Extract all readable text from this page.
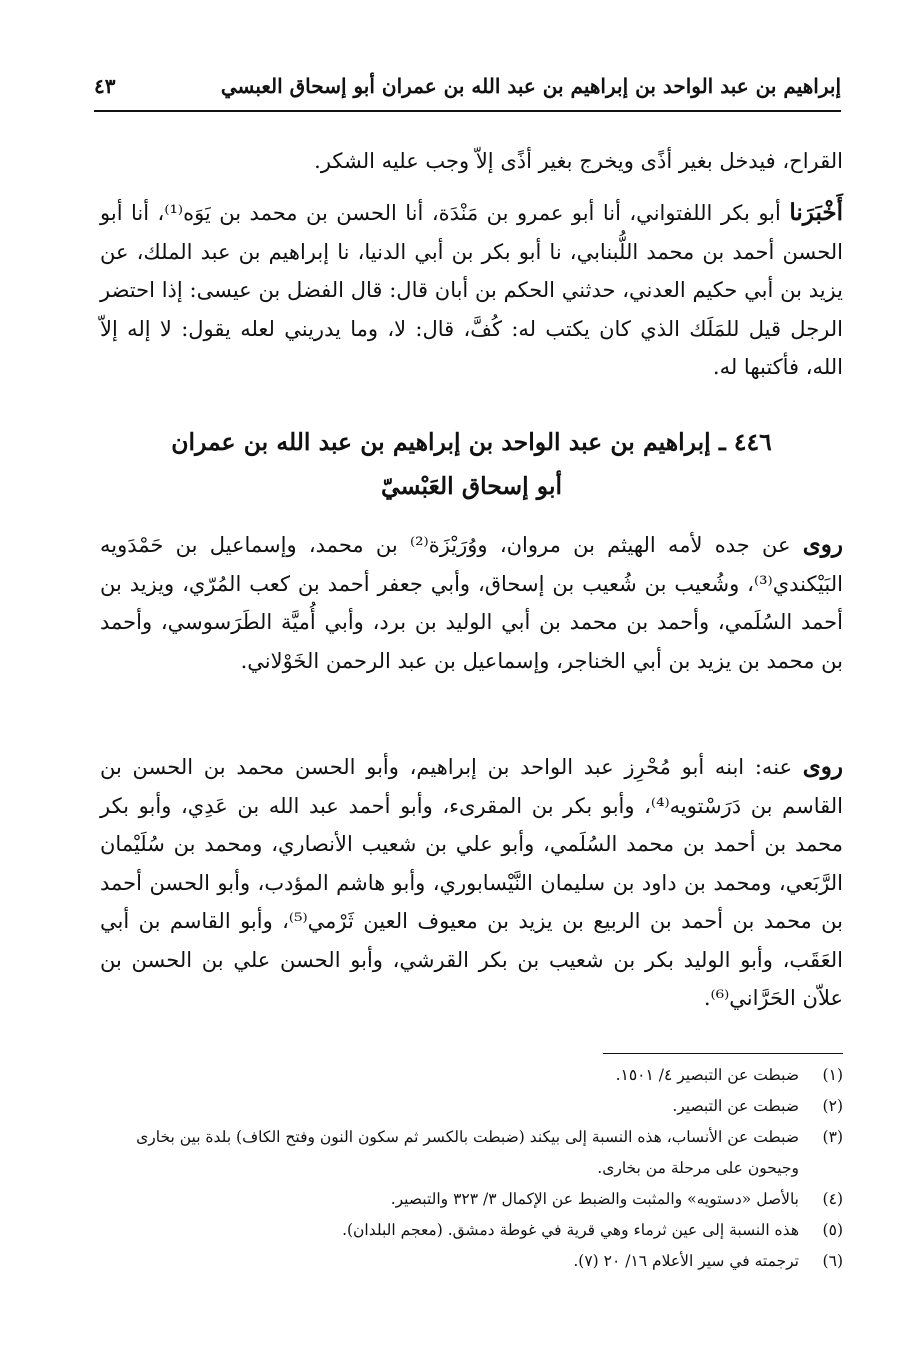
إبراهيم بن عبد الواحد بن إبراهيم بن عبد الله بن عمران أبو إسحاق العبسي
٤٣
القراح، فيدخل بغير أذًى ويخرج بغير أذًى إلاّ وجب عليه الشكر.
أَخْبَرَنا أبو بكر اللفتواني، أنا أبو عمرو بن مَنْدَة، أنا الحسن بن محمد بن يَوَه⁽¹⁾، أنا أبو الحسن أحمد بن محمد اللُّبنابي، نا أبو بكر بن أبي الدنيا، نا إبراهيم بن عبد الملك، عن يزيد بن أبي حكيم العدني، حدثني الحكم بن أبان قال: قال الفضل بن عيسى: إذا احتضر الرجل قيل للمَلَك الذي كان يكتب له: كُفَّ، قال: لا، وما يدريني لعله يقول: لا إله إلاّ الله، فأكتبها له.
٤٤٦ ـ إبراهيم بن عبد الواحد بن إبراهيم بن عبد الله بن عمران
أبو إسحاق العَبْسيّ
روى عن جده لأمه الهيثم بن مروان، ووُرَيْزَة⁽²⁾ بن محمد، وإسماعيل بن حَمْدَويه البَيْكندي⁽³⁾، وشُعيب بن شُعيب بن إسحاق، وأبي جعفر أحمد بن كعب المُرّي، ويزيد بن أحمد السُلَمي، وأحمد بن محمد بن أبي الوليد بن برد، وأبي أُميَّة الطَرَسوسي، وأحمد بن محمد بن يزيد بن أبي الخناجر، وإسماعيل بن عبد الرحمن الخَوْلاني.
روى عنه: ابنه أبو مُحْرِز عبد الواحد بن إبراهيم، وأبو الحسن محمد بن الحسن بن القاسم بن دَرَسْتويه⁽⁴⁾، وأبو بكر بن المقرىء، وأبو أحمد عبد الله بن عَدِي، وأبو بكر محمد بن أحمد بن محمد السُلَمي، وأبو علي بن شعيب الأنصاري، ومحمد بن سُلَيْمان الرَّبَعي، ومحمد بن داود بن سليمان النَّيْسابوري، وأبو هاشم المؤدب، وأبو الحسن أحمد بن محمد بن أحمد بن الربيع بن يزيد بن معيوف العين ثَرْمي⁽⁵⁾، وأبو القاسم بن أبي العَقَب، وأبو الوليد بكر بن شعيب بن بكر القرشي، وأبو الحسن علي بن الحسن بن علاّن الحَرَّاني⁽⁶⁾.
(١)
ضبطت عن التبصير ٤/ ١٥٠١.
(٢)
ضبطت عن التبصير.
(٣)
ضبطت عن الأنساب، هذه النسبة إلى بيكند (ضبطت بالكسر ثم سكون النون وفتح الكاف) بلدة بين بخارى وجيحون على مرحلة من بخارى.
(٤)
بالأصل «دستويه» والمثبت والضبط عن الإكمال ٣/ ٣٢٣ والتبصير.
(٥)
هذه النسبة إلى عين ثرماء وهي قرية في غوطة دمشق. (معجم البلدان).
(٦)
ترجمته في سير الأعلام ١٦/ ٢٠ (٧).
